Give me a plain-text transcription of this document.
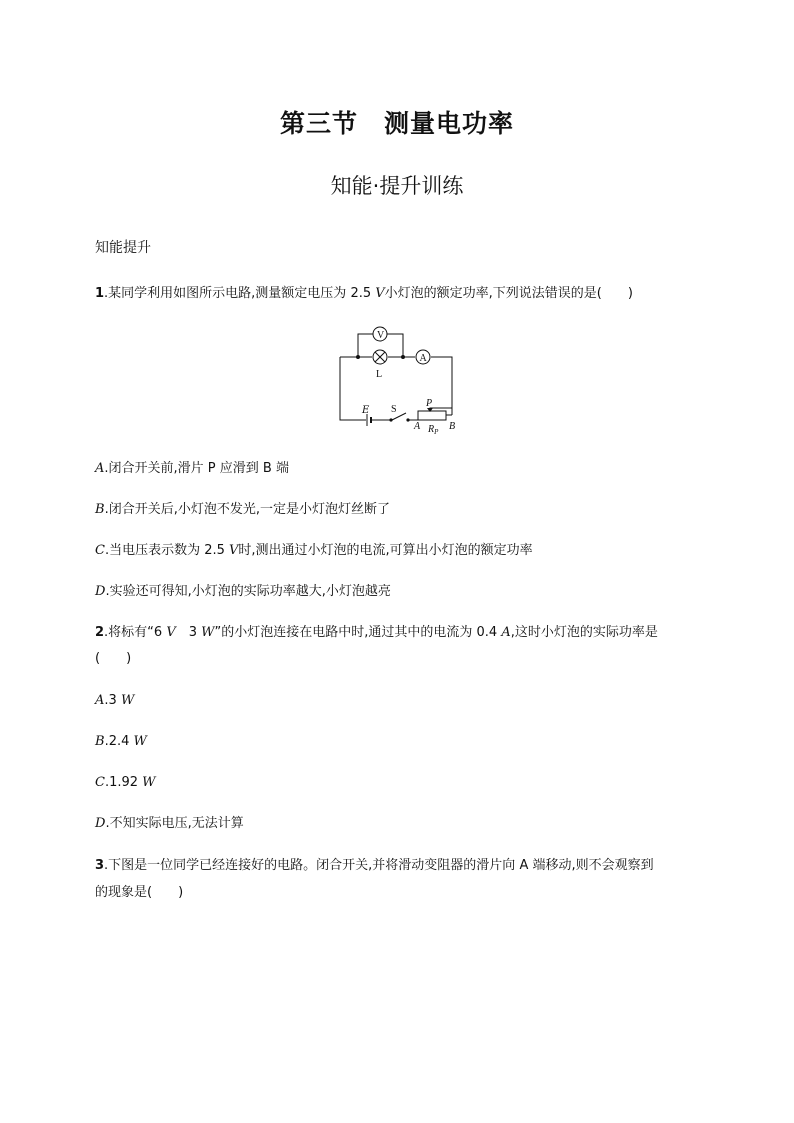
第三节　测量电功率
知能·提升训练
知能提升
1.某同学利用如图所示电路,测量额定电压为 2.5 V小灯泡的额定功率,下列说法错误的是(　　)
V
A
L
E S
P
A	B
$R_P$
A.闭合开关前,滑片 P 应滑到 B 端
B.闭合开关后,小灯泡不发光,一定是小灯泡灯丝断了
C.当电压表示数为 2.5 V时,测出通过小灯泡的电流,可算出小灯泡的额定功率
D.实验还可得知,小灯泡的实际功率越大,小灯泡越亮
2.将标有“6 V　3 W”的小灯泡连接在电路中时,通过其中的电流为 0.4 A,这时小灯泡的实际功率是
(　　)
A.3 W
B.2.4 W
C.1.92 W
D.不知实际电压,无法计算
3.下图是一位同学已经连接好的电路。闭合开关,并将滑动变阻器的滑片向 A 端移动,则不会观察到
的现象是(　　)
